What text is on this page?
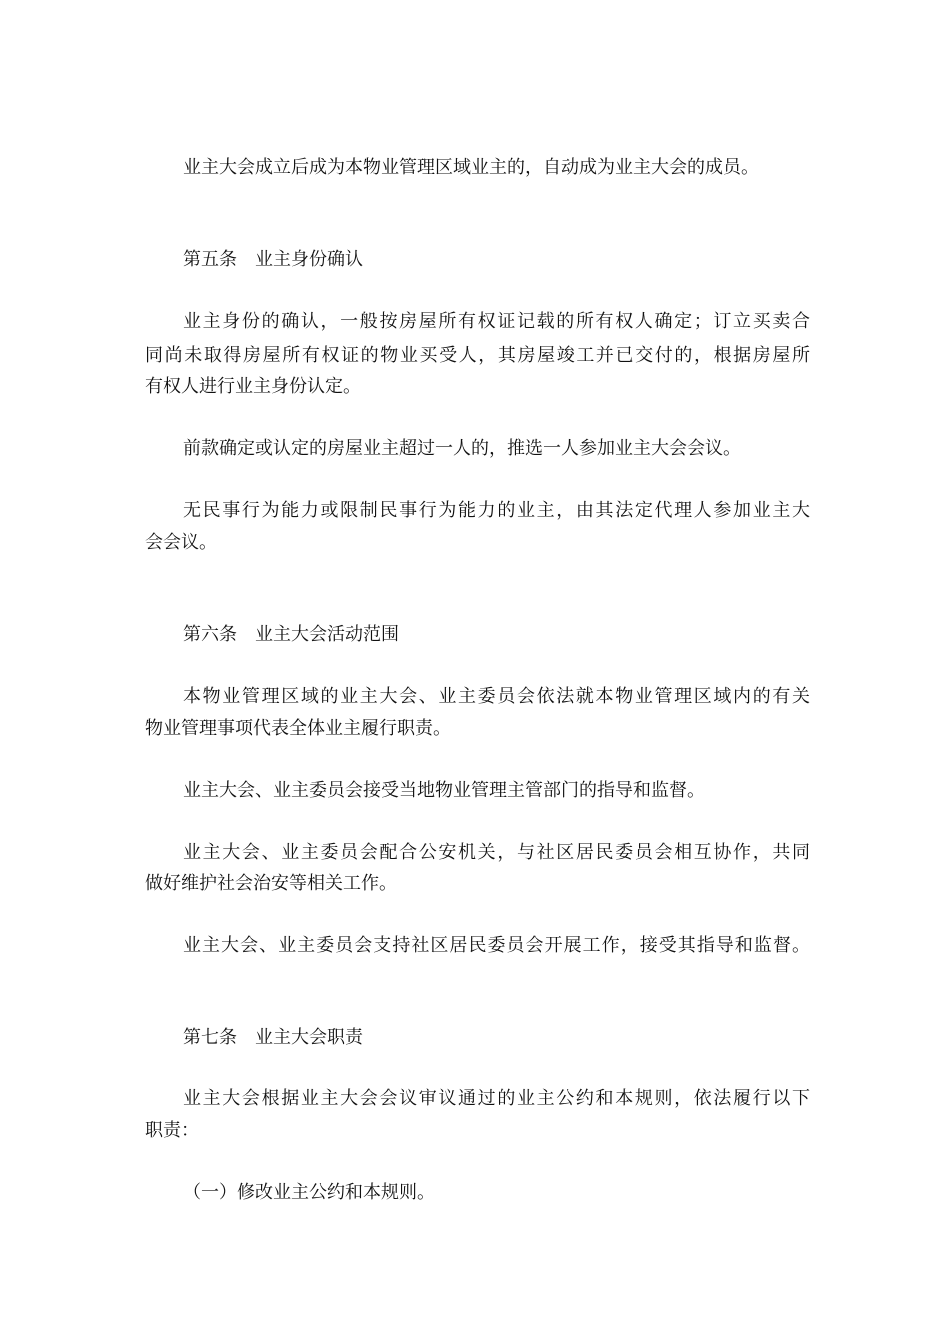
业主大会成立后成为本物业管理区域业主的，自动成为业主大会的成员。
第五条 业主身份确认
业主身份的确认，一般按房屋所有权证记载的所有权人确定；订立买卖合
同尚未取得房屋所有权证的物业买受人，其房屋竣工并已交付的，根据房屋所
有权人进行业主身份认定。
前款确定或认定的房屋业主超过一人的，推选一人参加业主大会会议。
无民事行为能力或限制民事行为能力的业主，由其法定代理人参加业主大
会会议。
第六条 业主大会活动范围
本物业管理区域的业主大会、业主委员会依法就本物业管理区域内的有关
物业管理事项代表全体业主履行职责。
业主大会、业主委员会接受当地物业管理主管部门的指导和监督。
业主大会、业主委员会配合公安机关，与社区居民委员会相互协作，共同
做好维护社会治安等相关工作。
业主大会、业主委员会支持社区居民委员会开展工作，接受其指导和监督。
第七条 业主大会职责
业主大会根据业主大会会议审议通过的业主公约和本规则，依法履行以下
职责：
（一）修改业主公约和本规则。
